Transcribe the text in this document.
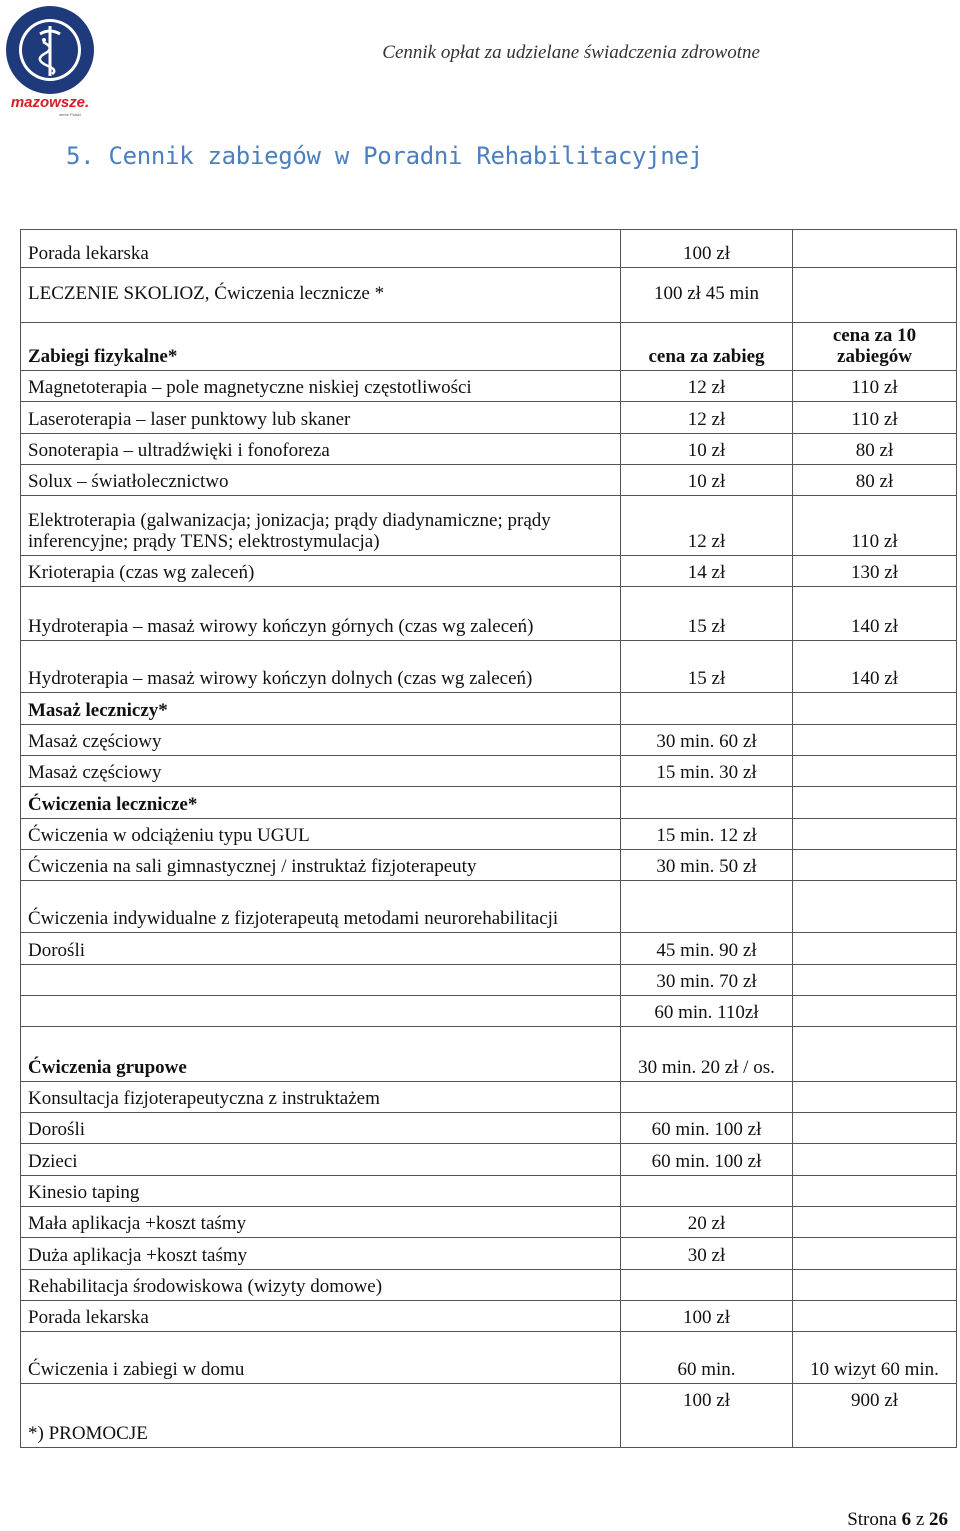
mazowsze.
serce Polski
Cennik opłat za udzielane świadczenia zdrowotne
5. Cennik zabiegów w Poradni Rehabilitacyjnej
Porada lekarska	100 zł	
LECZENIE SKOLIOZ, Ćwiczenia lecznicze *	100 zł 45 min	
Zabiegi fizykalne*	cena za zabieg	cena za 10 zabiegów
Magnetoterapia – pole magnetyczne niskiej częstotliwości	12 zł	110 zł
Laseroterapia – laser punktowy lub skaner	12 zł	110 zł
Sonoterapia – ultradźwięki i fonoforeza	10 zł	80 zł
Solux – światłolecznictwo	10 zł	80 zł
Elektroterapia (galwanizacja; jonizacja; prądy diadynamiczne; prądy inferencyjne; prądy TENS; elektrostymulacja)	12 zł	110 zł
Krioterapia (czas wg zaleceń)	14 zł	130 zł
Hydroterapia – masaż wirowy kończyn górnych (czas wg zaleceń)	15 zł	140 zł
Hydroterapia – masaż wirowy kończyn dolnych (czas wg zaleceń)	15 zł	140 zł
Masaż leczniczy*		
Masaż częściowy	30 min. 60 zł	
Masaż częściowy	15 min. 30 zł	
Ćwiczenia lecznicze*		
Ćwiczenia w odciążeniu typu UGUL	15 min. 12 zł	
Ćwiczenia na sali gimnastycznej / instruktaż fizjoterapeuty	30 min. 50 zł	
Ćwiczenia indywidualne z fizjoterapeutą metodami neurorehabilitacji		
Dorośli	45 min. 90 zł	
	30 min. 70 zł	
	60 min. 110zł	
Ćwiczenia grupowe	30 min. 20 zł / os.	
Konsultacja fizjoterapeutyczna z instruktażem		
Dorośli	60 min. 100 zł	
Dzieci	60 min. 100 zł	
Kinesio taping		
Mała aplikacja +koszt taśmy	20 zł	
Duża aplikacja +koszt taśmy	30 zł	
Rehabilitacja środowiskowa (wizyty domowe)		
Porada lekarska	100 zł	
Ćwiczenia i zabiegi w domu	60 min.	10 wizyt 60 min.
*) PROMOCJE	100 zł	900 zł
Strona 6 z 26
